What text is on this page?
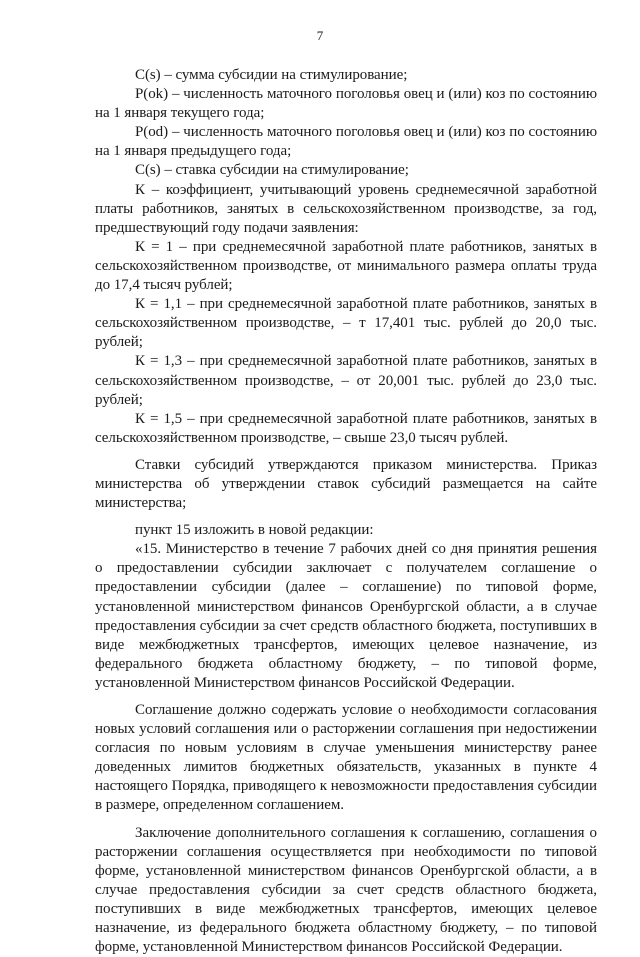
7

C(s) – сумма субсидии на стимулирование;

P(ok) – численность маточного поголовья овец и (или) коз по состоянию на 1 января текущего года;

P(od) – численность маточного поголовья овец и (или) коз по состоянию на 1 января предыдущего года;

C(s) – ставка субсидии на стимулирование;

К – коэффициент, учитывающий уровень среднемесячной заработной платы работников, занятых в сельскохозяйственном производстве, за год, предшествующий году подачи заявления:

К = 1 – при среднемесячной заработной плате работников, занятых в сельскохозяйственном производстве, от минимального размера оплаты труда до 17,4 тысяч рублей;

К = 1,1 – при среднемесячной заработной плате работников, занятых в сельскохозяйственном производстве, – т 17,401 тыс. рублей до 20,0 тыс. рублей;

К = 1,3 – при среднемесячной заработной плате работников, занятых в сельскохозяйственном производстве, – от 20,001 тыс. рублей до 23,0 тыс. рублей;

К = 1,5 – при среднемесячной заработной плате работников, занятых в сельскохозяйственном производстве, – свыше 23,0 тысяч рублей.

Ставки субсидий утверждаются приказом министерства. Приказ министерства об утверждении ставок субсидий размещается на сайте министерства;

пункт 15 изложить в новой редакции:

«15. Министерство в течение 7 рабочих дней со дня принятия решения о предоставлении субсидии заключает с получателем соглашение о предоставлении субсидии (далее – соглашение) по типовой форме, установленной министерством финансов Оренбургской области, а в случае предоставления субсидии за счет средств областного бюджета, поступивших в виде межбюджетных трансфертов, имеющих целевое назначение, из федерального бюджета областному бюджету, – по типовой форме, установленной Министерством финансов Российской Федерации.

Соглашение должно содержать условие о необходимости согласования новых условий соглашения или о расторжении соглашения при недостижении согласия по новым условиям в случае уменьшения министерству ранее доведенных лимитов бюджетных обязательств, указанных в пункте 4 настоящего Порядка, приводящего к невозможности предоставления субсидии в размере, определенном соглашением.

Заключение дополнительного соглашения к соглашению, соглашения о расторжении соглашения осуществляется при необходимости по типовой форме, установленной министерством финансов Оренбургской области, а в случае предоставления субсидии за счет средств областного бюджета, поступивших в виде межбюджетных трансфертов, имеющих целевое назначение, из федерального бюджета областному бюджету, – по типовой форме, установленной Министерством финансов Российской Федерации.
